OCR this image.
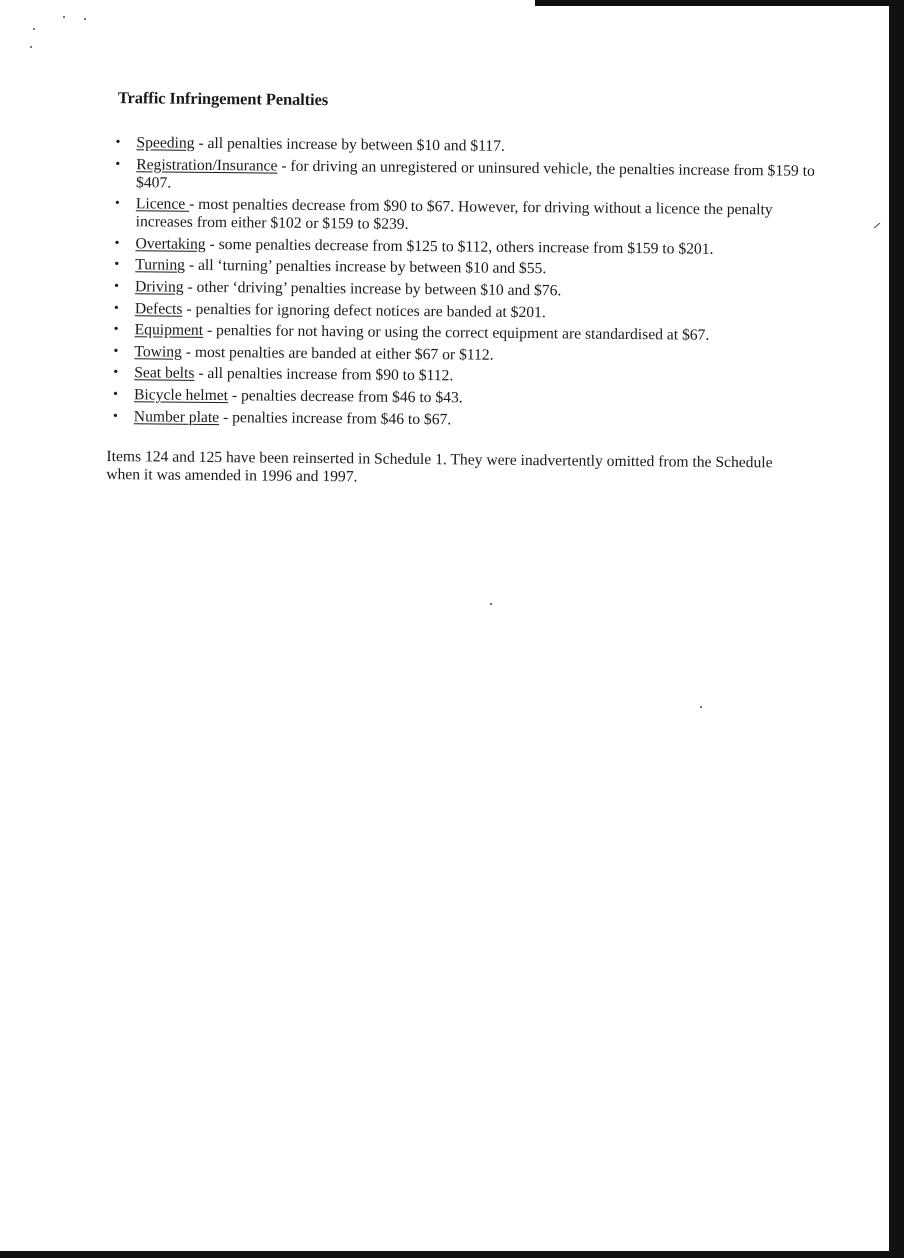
Traffic Infringement Penalties
• Speeding - all penalties increase by between $10 and $117.
• Registration/Insurance - for driving an unregistered or uninsured vehicle, the penalties increase from $159 to $407.
• Licence - most penalties decrease from $90 to $67. However, for driving without a licence the penalty increases from either $102 or $159 to $239.
• Overtaking - some penalties decrease from $125 to $112, others increase from $159 to $201.
• Turning - all ‘turning’ penalties increase by between $10 and $55.
• Driving - other ‘driving’ penalties increase by between $10 and $76.
• Defects - penalties for ignoring defect notices are banded at $201.
• Equipment - penalties for not having or using the correct equipment are standardised at $67.
• Towing - most penalties are banded at either $67 or $112.
• Seat belts - all penalties increase from $90 to $112.
• Bicycle helmet - penalties decrease from $46 to $43.
• Number plate - penalties increase from $46 to $67.

Items 124 and 125 have been reinserted in Schedule 1. They were inadvertently omitted from the Schedule when it was amended in 1996 and 1997.
